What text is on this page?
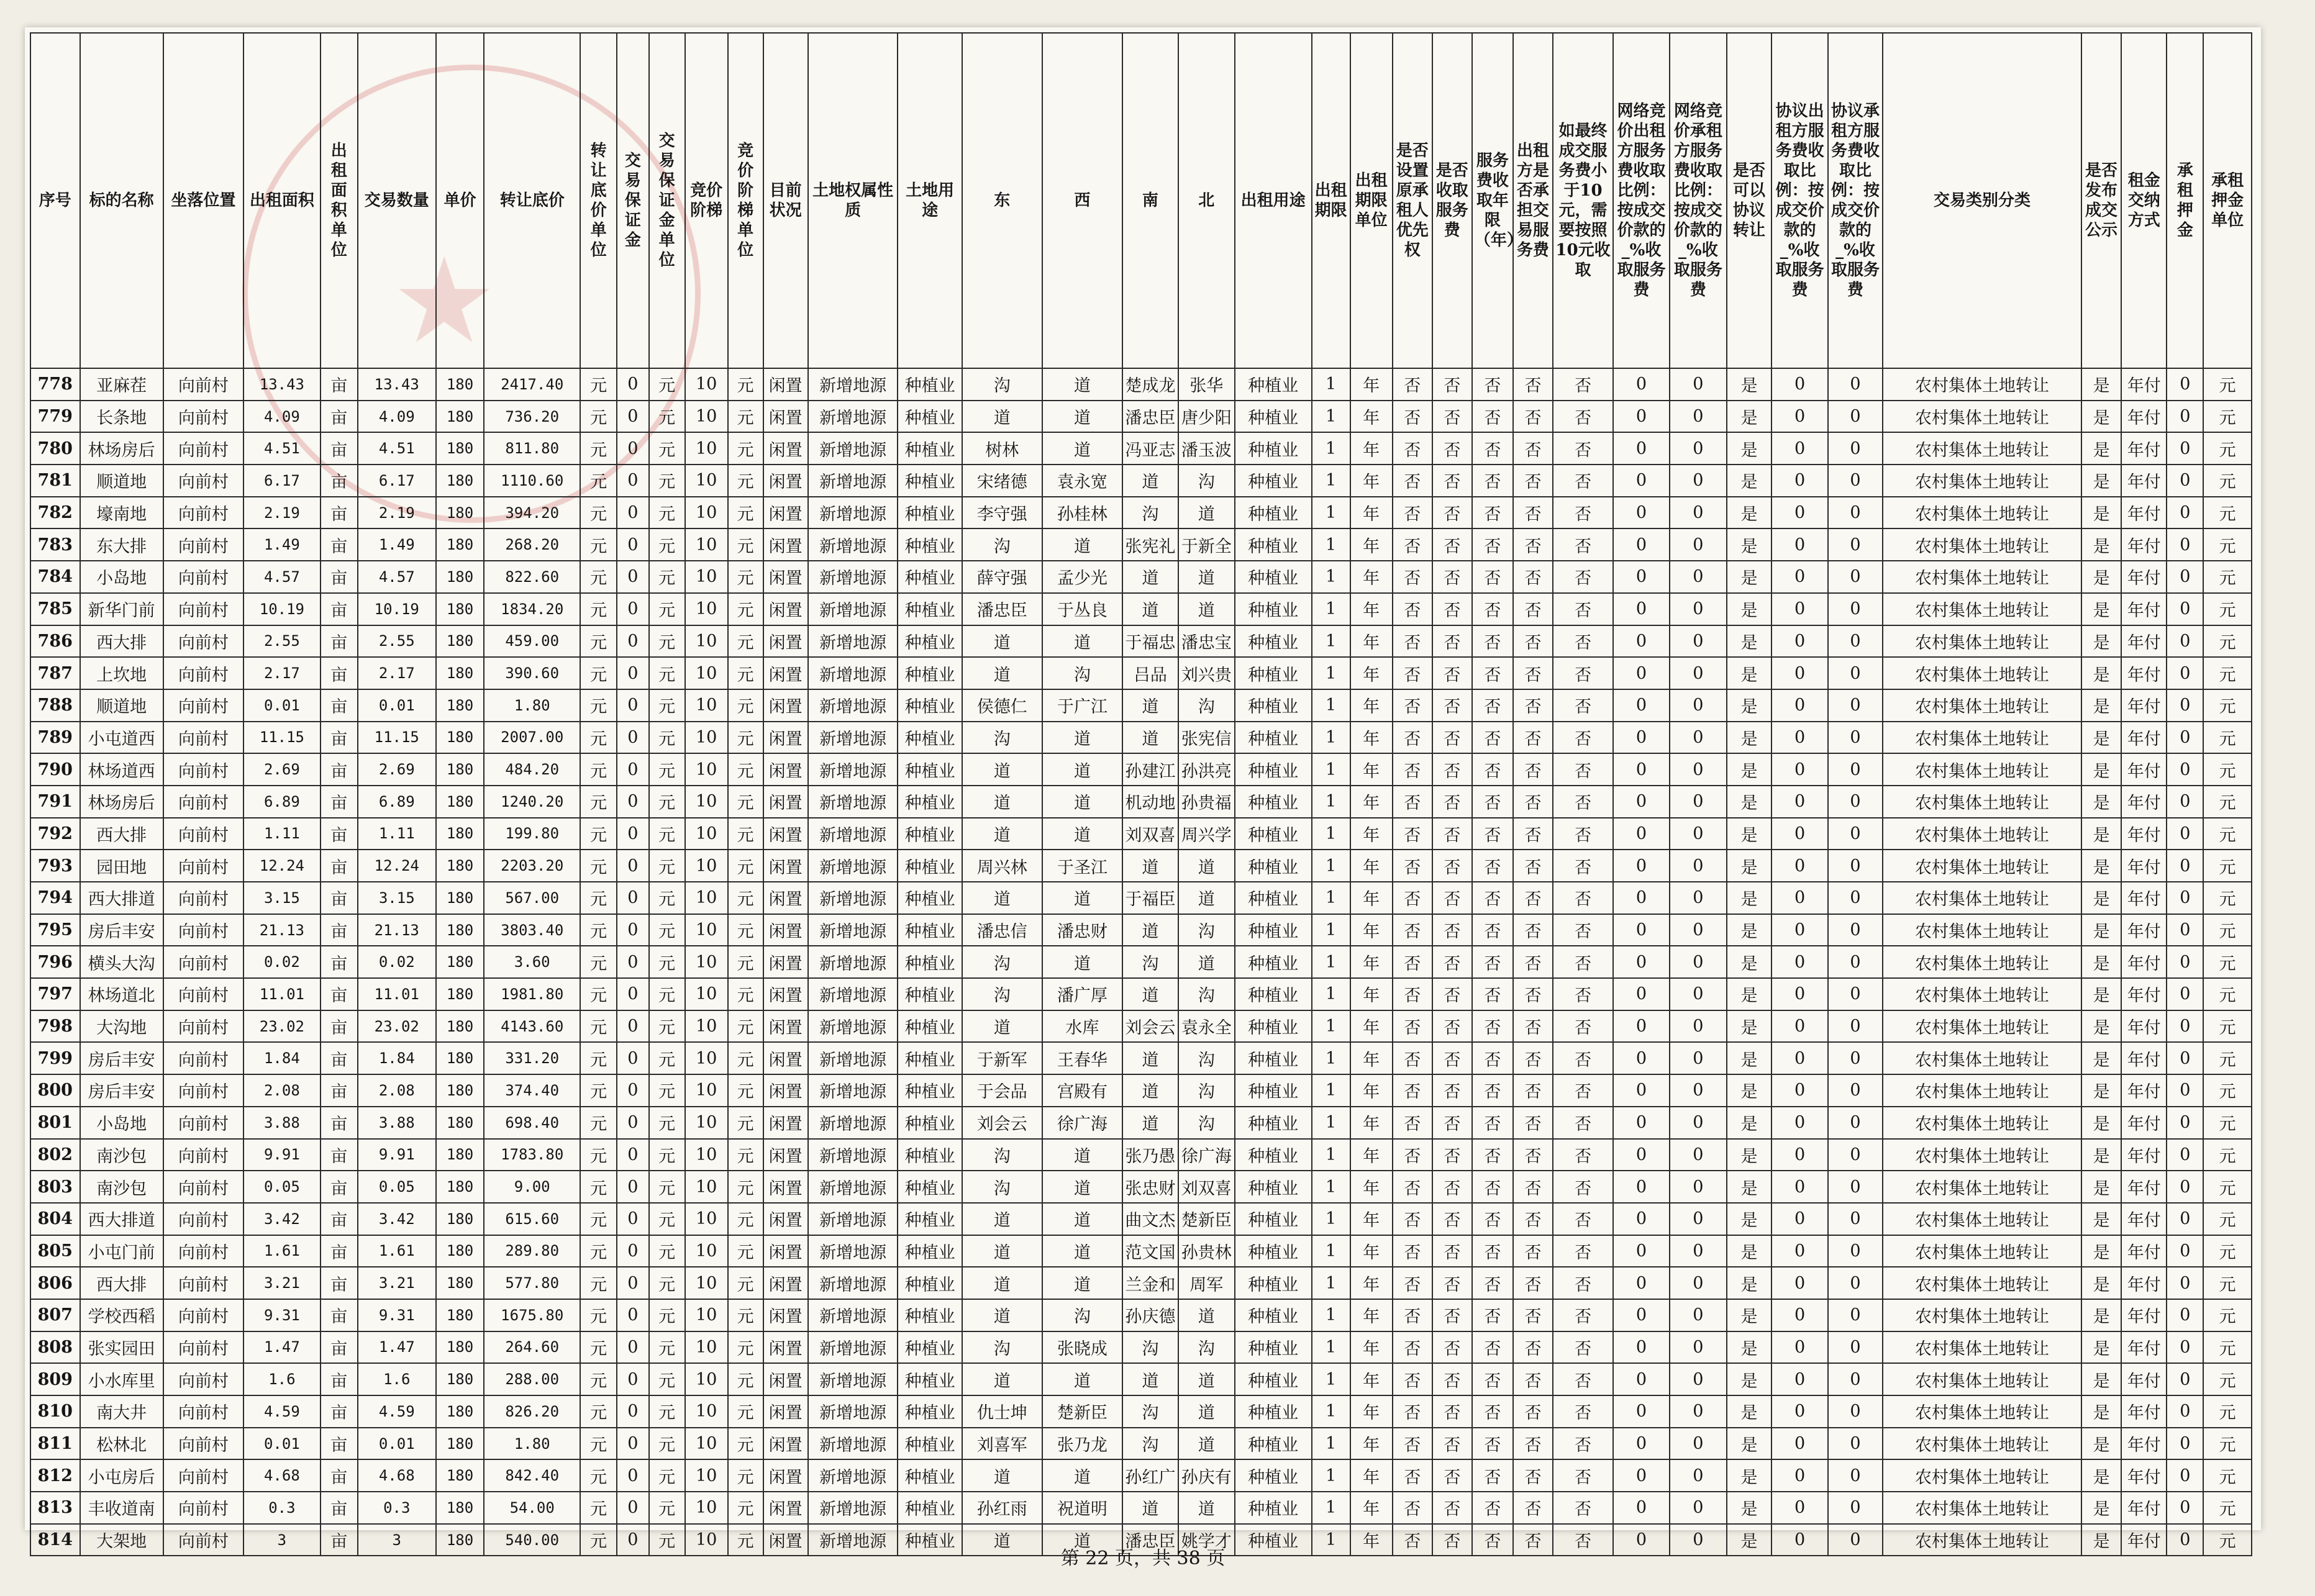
★
序号	标的名称	坐落位置	出租面积	出租面积单位	交易数量	单价	转让底价	转让底价单位	交易保证金	交易保证金单位	竞价阶梯	竞价阶梯单位	目前状况	土地权属性质	土地用途	东	西	南	北	出租用途	出租期限	出租期限单位	是否设置原承租人优先权	是否收取服务费	服务费收取年限（年）	出租方是否承担交易服务费	如最终成交服务费小于10元，需要按照10元收取	网络竞价出租方服务费收取比例：按成交价款的_%收取服务费	网络竞价承租方服务费收取比例：按成交价款的_%收取服务费	是否可以协议转让	协议出租方服务费收取比例：按成交价款的_%收取服务费	协议承租方服务费收取比例：按成交价款的_%收取服务费	交易类别分类	是否发布成交公示	租金交纳方式	承租押金	承租押金单位
778	亚麻茬	向前村	13.43	亩	13.43	180	2417.40	元	0	元	10	元	闲置	新增地源	种植业	沟	道	楚成龙	张华	种植业	1	年	否	否	否	否	否	0	0	是	0	0	农村集体土地转让	是	年付	0	元
779	长条地	向前村	4.09	亩	4.09	180	736.20	元	0	元	10	元	闲置	新增地源	种植业	道	道	潘忠臣	唐少阳	种植业	1	年	否	否	否	否	否	0	0	是	0	0	农村集体土地转让	是	年付	0	元
780	林场房后	向前村	4.51	亩	4.51	180	811.80	元	0	元	10	元	闲置	新增地源	种植业	树林	道	冯亚志	潘玉波	种植业	1	年	否	否	否	否	否	0	0	是	0	0	农村集体土地转让	是	年付	0	元
781	顺道地	向前村	6.17	亩	6.17	180	1110.60	元	0	元	10	元	闲置	新增地源	种植业	宋绪德	袁永宽	道	沟	种植业	1	年	否	否	否	否	否	0	0	是	0	0	农村集体土地转让	是	年付	0	元
782	壕南地	向前村	2.19	亩	2.19	180	394.20	元	0	元	10	元	闲置	新增地源	种植业	李守强	孙桂林	沟	道	种植业	1	年	否	否	否	否	否	0	0	是	0	0	农村集体土地转让	是	年付	0	元
783	东大排	向前村	1.49	亩	1.49	180	268.20	元	0	元	10	元	闲置	新增地源	种植业	沟	道	张宪礼	于新全	种植业	1	年	否	否	否	否	否	0	0	是	0	0	农村集体土地转让	是	年付	0	元
784	小岛地	向前村	4.57	亩	4.57	180	822.60	元	0	元	10	元	闲置	新增地源	种植业	薛守强	孟少光	道	道	种植业	1	年	否	否	否	否	否	0	0	是	0	0	农村集体土地转让	是	年付	0	元
785	新华门前	向前村	10.19	亩	10.19	180	1834.20	元	0	元	10	元	闲置	新增地源	种植业	潘忠臣	于丛良	道	道	种植业	1	年	否	否	否	否	否	0	0	是	0	0	农村集体土地转让	是	年付	0	元
786	西大排	向前村	2.55	亩	2.55	180	459.00	元	0	元	10	元	闲置	新增地源	种植业	道	道	于福忠	潘忠宝	种植业	1	年	否	否	否	否	否	0	0	是	0	0	农村集体土地转让	是	年付	0	元
787	上坎地	向前村	2.17	亩	2.17	180	390.60	元	0	元	10	元	闲置	新增地源	种植业	道	沟	吕品	刘兴贵	种植业	1	年	否	否	否	否	否	0	0	是	0	0	农村集体土地转让	是	年付	0	元
788	顺道地	向前村	0.01	亩	0.01	180	1.80	元	0	元	10	元	闲置	新增地源	种植业	侯德仁	于广江	道	沟	种植业	1	年	否	否	否	否	否	0	0	是	0	0	农村集体土地转让	是	年付	0	元
789	小屯道西	向前村	11.15	亩	11.15	180	2007.00	元	0	元	10	元	闲置	新增地源	种植业	沟	道	道	张宪信	种植业	1	年	否	否	否	否	否	0	0	是	0	0	农村集体土地转让	是	年付	0	元
790	林场道西	向前村	2.69	亩	2.69	180	484.20	元	0	元	10	元	闲置	新增地源	种植业	道	道	孙建江	孙洪亮	种植业	1	年	否	否	否	否	否	0	0	是	0	0	农村集体土地转让	是	年付	0	元
791	林场房后	向前村	6.89	亩	6.89	180	1240.20	元	0	元	10	元	闲置	新增地源	种植业	道	道	机动地	孙贵福	种植业	1	年	否	否	否	否	否	0	0	是	0	0	农村集体土地转让	是	年付	0	元
792	西大排	向前村	1.11	亩	1.11	180	199.80	元	0	元	10	元	闲置	新增地源	种植业	道	道	刘双喜	周兴学	种植业	1	年	否	否	否	否	否	0	0	是	0	0	农村集体土地转让	是	年付	0	元
793	园田地	向前村	12.24	亩	12.24	180	2203.20	元	0	元	10	元	闲置	新增地源	种植业	周兴林	于圣江	道	道	种植业	1	年	否	否	否	否	否	0	0	是	0	0	农村集体土地转让	是	年付	0	元
794	西大排道	向前村	3.15	亩	3.15	180	567.00	元	0	元	10	元	闲置	新增地源	种植业	道	道	于福臣	道	种植业	1	年	否	否	否	否	否	0	0	是	0	0	农村集体土地转让	是	年付	0	元
795	房后丰安	向前村	21.13	亩	21.13	180	3803.40	元	0	元	10	元	闲置	新增地源	种植业	潘忠信	潘忠财	道	沟	种植业	1	年	否	否	否	否	否	0	0	是	0	0	农村集体土地转让	是	年付	0	元
796	横头大沟	向前村	0.02	亩	0.02	180	3.60	元	0	元	10	元	闲置	新增地源	种植业	沟	道	沟	道	种植业	1	年	否	否	否	否	否	0	0	是	0	0	农村集体土地转让	是	年付	0	元
797	林场道北	向前村	11.01	亩	11.01	180	1981.80	元	0	元	10	元	闲置	新增地源	种植业	沟	潘广厚	道	沟	种植业	1	年	否	否	否	否	否	0	0	是	0	0	农村集体土地转让	是	年付	0	元
798	大沟地	向前村	23.02	亩	23.02	180	4143.60	元	0	元	10	元	闲置	新增地源	种植业	道	水库	刘会云	袁永全	种植业	1	年	否	否	否	否	否	0	0	是	0	0	农村集体土地转让	是	年付	0	元
799	房后丰安	向前村	1.84	亩	1.84	180	331.20	元	0	元	10	元	闲置	新增地源	种植业	于新军	王春华	道	沟	种植业	1	年	否	否	否	否	否	0	0	是	0	0	农村集体土地转让	是	年付	0	元
800	房后丰安	向前村	2.08	亩	2.08	180	374.40	元	0	元	10	元	闲置	新增地源	种植业	于会品	宫殿有	道	沟	种植业	1	年	否	否	否	否	否	0	0	是	0	0	农村集体土地转让	是	年付	0	元
801	小岛地	向前村	3.88	亩	3.88	180	698.40	元	0	元	10	元	闲置	新增地源	种植业	刘会云	徐广海	道	沟	种植业	1	年	否	否	否	否	否	0	0	是	0	0	农村集体土地转让	是	年付	0	元
802	南沙包	向前村	9.91	亩	9.91	180	1783.80	元	0	元	10	元	闲置	新增地源	种植业	沟	道	张乃愚	徐广海	种植业	1	年	否	否	否	否	否	0	0	是	0	0	农村集体土地转让	是	年付	0	元
803	南沙包	向前村	0.05	亩	0.05	180	9.00	元	0	元	10	元	闲置	新增地源	种植业	沟	道	张忠财	刘双喜	种植业	1	年	否	否	否	否	否	0	0	是	0	0	农村集体土地转让	是	年付	0	元
804	西大排道	向前村	3.42	亩	3.42	180	615.60	元	0	元	10	元	闲置	新增地源	种植业	道	道	曲文杰	楚新臣	种植业	1	年	否	否	否	否	否	0	0	是	0	0	农村集体土地转让	是	年付	0	元
805	小屯门前	向前村	1.61	亩	1.61	180	289.80	元	0	元	10	元	闲置	新增地源	种植业	道	道	范文国	孙贵林	种植业	1	年	否	否	否	否	否	0	0	是	0	0	农村集体土地转让	是	年付	0	元
806	西大排	向前村	3.21	亩	3.21	180	577.80	元	0	元	10	元	闲置	新增地源	种植业	道	道	兰金和	周军	种植业	1	年	否	否	否	否	否	0	0	是	0	0	农村集体土地转让	是	年付	0	元
807	学校西稻	向前村	9.31	亩	9.31	180	1675.80	元	0	元	10	元	闲置	新增地源	种植业	道	沟	孙庆德	道	种植业	1	年	否	否	否	否	否	0	0	是	0	0	农村集体土地转让	是	年付	0	元
808	张实园田	向前村	1.47	亩	1.47	180	264.60	元	0	元	10	元	闲置	新增地源	种植业	沟	张晓成	沟	沟	种植业	1	年	否	否	否	否	否	0	0	是	0	0	农村集体土地转让	是	年付	0	元
809	小水库里	向前村	1.6	亩	1.6	180	288.00	元	0	元	10	元	闲置	新增地源	种植业	道	道	道	道	种植业	1	年	否	否	否	否	否	0	0	是	0	0	农村集体土地转让	是	年付	0	元
810	南大井	向前村	4.59	亩	4.59	180	826.20	元	0	元	10	元	闲置	新增地源	种植业	仇士坤	楚新臣	沟	道	种植业	1	年	否	否	否	否	否	0	0	是	0	0	农村集体土地转让	是	年付	0	元
811	松林北	向前村	0.01	亩	0.01	180	1.80	元	0	元	10	元	闲置	新增地源	种植业	刘喜军	张乃龙	沟	道	种植业	1	年	否	否	否	否	否	0	0	是	0	0	农村集体土地转让	是	年付	0	元
812	小屯房后	向前村	4.68	亩	4.68	180	842.40	元	0	元	10	元	闲置	新增地源	种植业	道	道	孙红广	孙庆有	种植业	1	年	否	否	否	否	否	0	0	是	0	0	农村集体土地转让	是	年付	0	元
813	丰收道南	向前村	0.3	亩	0.3	180	54.00	元	0	元	10	元	闲置	新增地源	种植业	孙红雨	祝道明	道	道	种植业	1	年	否	否	否	否	否	0	0	是	0	0	农村集体土地转让	是	年付	0	元
814	大架地	向前村	3	亩	3	180	540.00	元	0	元	10	元	闲置	新增地源	种植业	道	道	潘忠臣	姚学才	种植业	1	年	否	否	否	否	否	0	0	是	0	0	农村集体土地转让	是	年付	0	元
第 22 页，共 38 页
